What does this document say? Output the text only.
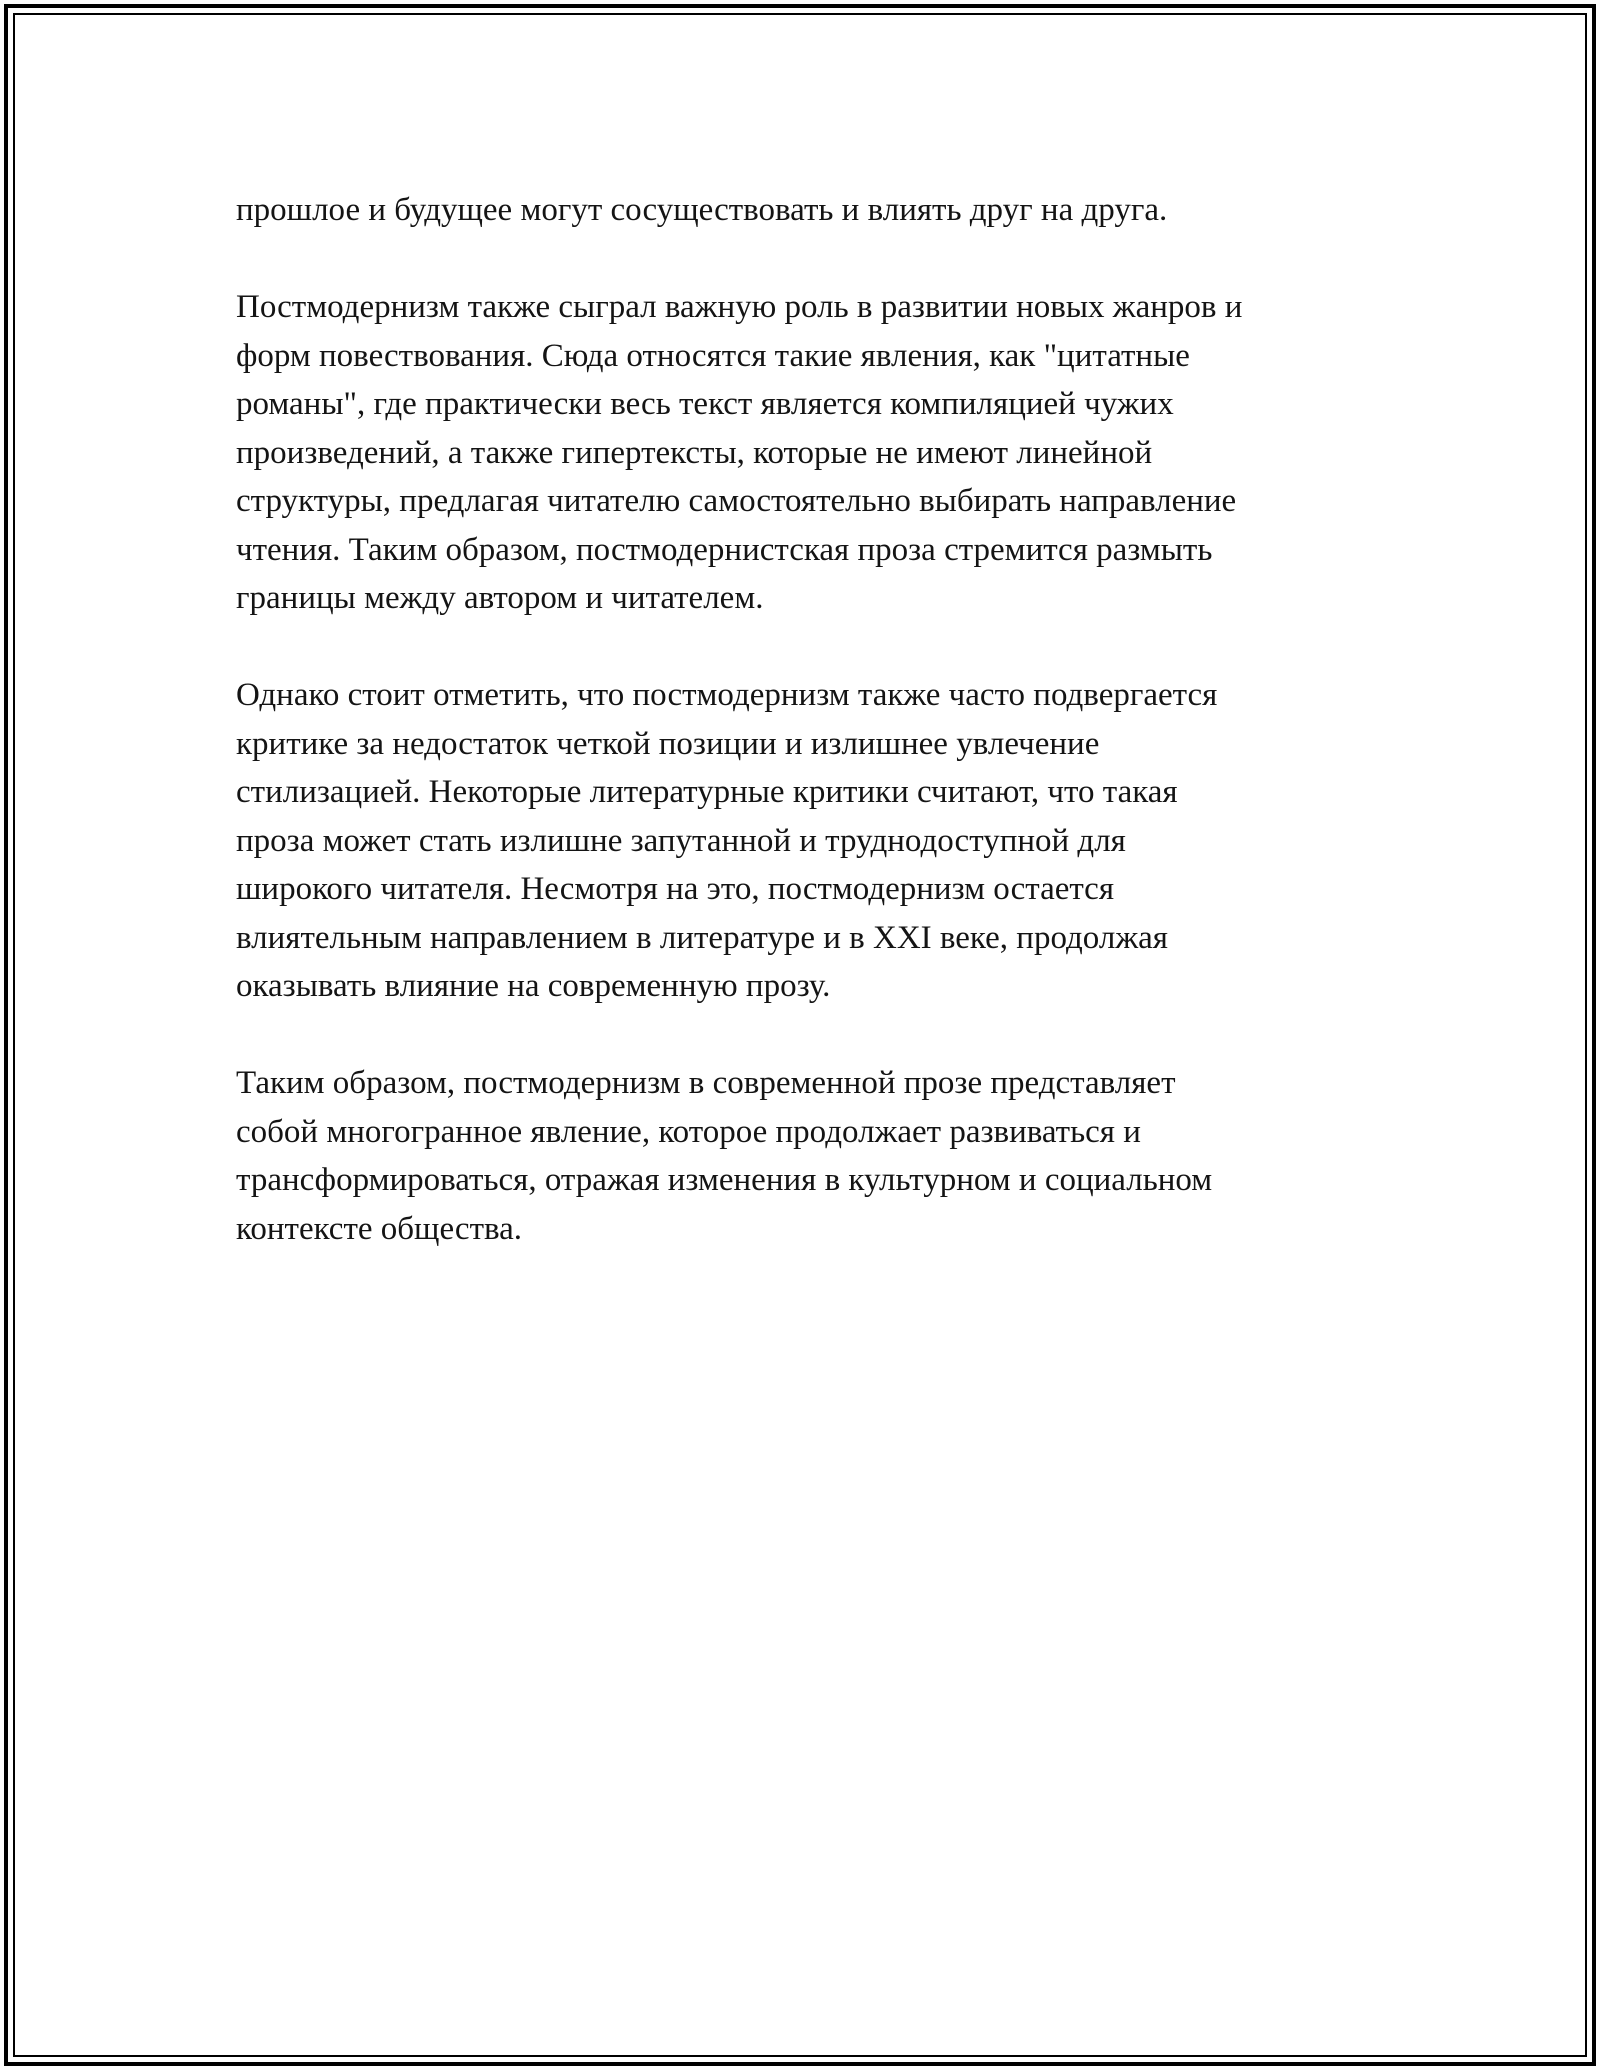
прошлое и будущее могут сосуществовать и влиять друг на друга.

Постмодернизм также сыграл важную роль в развитии новых жанров и
форм повествования. Сюда относятся такие явления, как "цитатные
романы", где практически весь текст является компиляцией чужих
произведений, а также гипертексты, которые не имеют линейной
структуры, предлагая читателю самостоятельно выбирать направление
чтения. Таким образом, постмодернистская проза стремится размыть
границы между автором и читателем.

Однако стоит отметить, что постмодернизм также часто подвергается
критике за недостаток четкой позиции и излишнее увлечение
стилизацией. Некоторые литературные критики считают, что такая
проза может стать излишне запутанной и труднодоступной для
широкого читателя. Несмотря на это, постмодернизм остается
влиятельным направлением в литературе и в XXI веке, продолжая
оказывать влияние на современную прозу.

Таким образом, постмодернизм в современной прозе представляет
собой многогранное явление, которое продолжает развиваться и
трансформироваться, отражая изменения в культурном и социальном
контексте общества.
